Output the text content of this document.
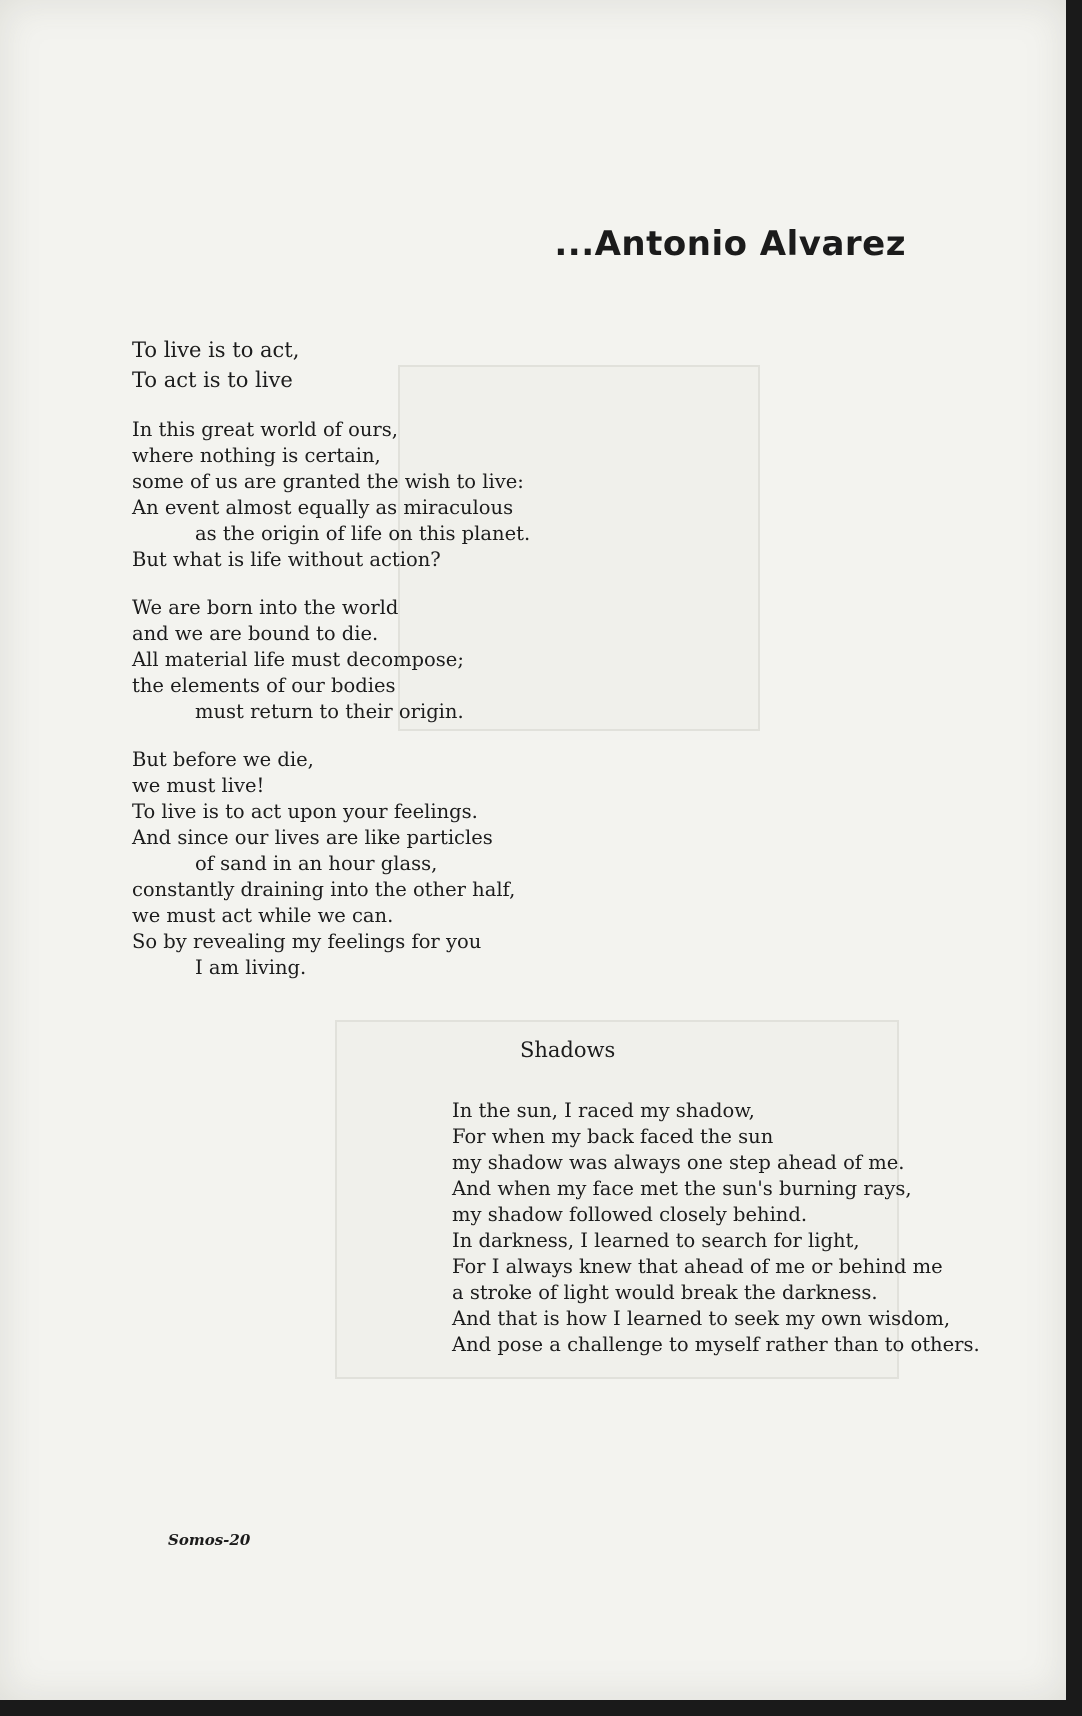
...Antonio Alvarez
To live is to act,
To act is to live
In this great world of ours,
where nothing is certain,
some of us are granted the wish to live:
An event almost equally as miraculous
as the origin of life on this planet.
But what is life without action?
We are born into the world
and we are bound to die.
All material life must decompose;
the elements of our bodies
must return to their origin.
But before we die,
we must live!
To live is to act upon your feelings.
And since our lives are like particles
of sand in an hour glass,
constantly draining into the other half,
we must act while we can.
So by revealing my feelings for you
I am living.
Shadows
In the sun, I raced my shadow,
For when my back faced the sun
my shadow was always one step ahead of me.
And when my face met the sun's burning rays,
my shadow followed closely behind.
In darkness, I learned to search for light,
For I always knew that ahead of me or behind me
a stroke of light would break the darkness.
And that is how I learned to seek my own wisdom,
And pose a challenge to myself rather than to others.
Somos-20
